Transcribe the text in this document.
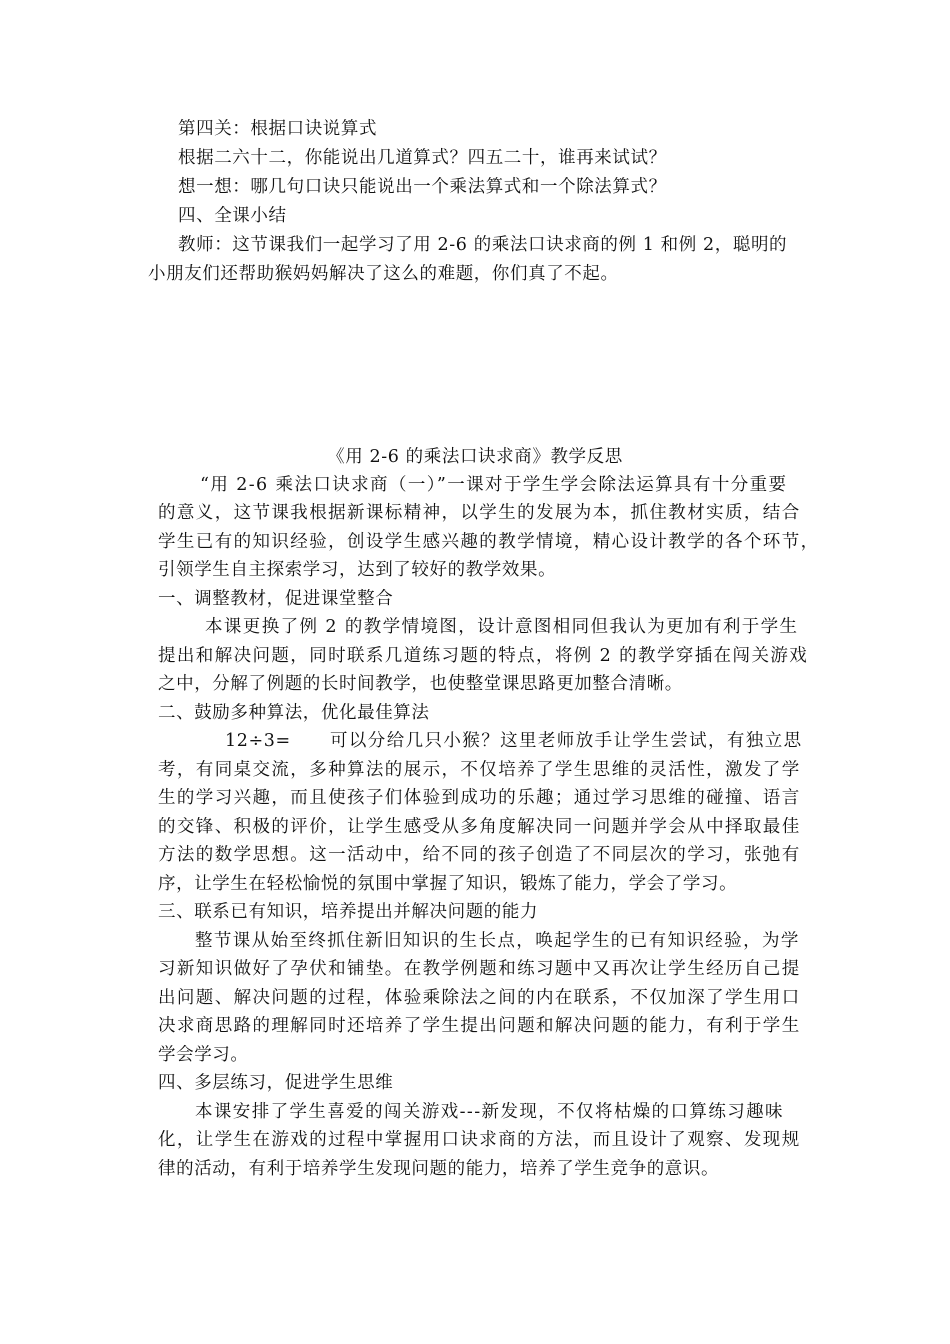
第四关：根据口诀说算式
根据二六十二，你能说出几道算式？四五二十，谁再来试试？
想一想：哪几句口诀只能说出一个乘法算式和一个除法算式？
四、全课小结
教师：这节课我们一起学习了用 2-6 的乘法口诀求商的例 1 和例 2，聪明的
小朋友们还帮助猴妈妈解决了这么的难题，你们真了不起。
《用 2-6 的乘法口诀求商》教学反思
“用 2-6 乘法口诀求商（一）”一课对于学生学会除法运算具有十分重要
的意义，这节课我根据新课标精神，以学生的发展为本，抓住教材实质，结合
学生已有的知识经验，创设学生感兴趣的教学情境，精心设计教学的各个环节，
引领学生自主探索学习，达到了较好的教学效果。
一、调整教材，促进课堂整合
本课更换了例 2 的教学情境图，设计意图相同但我认为更加有利于学生
提出和解决问题，同时联系几道练习题的特点，将例 2 的教学穿插在闯关游戏
之中，分解了例题的长时间教学，也使整堂课思路更加整合清晰。
二、鼓励多种算法，优化最佳算法
12÷3= 可以分给几只小猴？这里老师放手让学生尝试，有独立思
考，有同桌交流，多种算法的展示，不仅培养了学生思维的灵活性，激发了学
生的学习兴趣，而且使孩子们体验到成功的乐趣；通过学习思维的碰撞、语言
的交锋、积极的评价，让学生感受从多角度解决同一问题并学会从中择取最佳
方法的数学思想。这一活动中，给不同的孩子创造了不同层次的学习，张弛有
序，让学生在轻松愉悦的氛围中掌握了知识，锻炼了能力，学会了学习。
三、联系已有知识，培养提出并解决问题的能力
整节课从始至终抓住新旧知识的生长点，唤起学生的已有知识经验，为学
习新知识做好了孕伏和铺垫。在教学例题和练习题中又再次让学生经历自己提
出问题、解决问题的过程，体验乘除法之间的内在联系，不仅加深了学生用口
决求商思路的理解同时还培养了学生提出问题和解决问题的能力，有利于学生
学会学习。
四、多层练习，促进学生思维
本课安排了学生喜爱的闯关游戏---新发现，不仅将枯燥的口算练习趣味
化，让学生在游戏的过程中掌握用口诀求商的方法，而且设计了观察、发现规
律的活动，有利于培养学生发现问题的能力，培养了学生竞争的意识。
